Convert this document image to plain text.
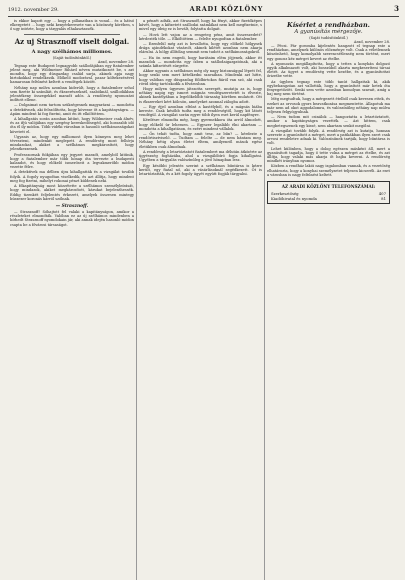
1912. november 29.	ARADI KÖZLÖNY	3

is ekkor kapott egy ... hogy a pillanatban is vonul... és a hátsó elkergetett ... hogy neki kenyérkeresete van a közönség körében, s ő ugy intézte, hogy a tárgyalás elhalasztassék.

Az uj Strasznoff viselt dolgai.
A nagy szélhámos milliomos.

(Saját tudósítónktól.)

Arad, november 28.

Tegnap este Budapest legnagyobb szállodájában egy fiatalember jelent meg, aki Wildmeiser Rihárd néven mutatkozott be, s azt mondta, hogy egy dúsgazdag család sarja, akinek apja nagy birtokokkal rendelkezik. Előkelő modorával, pazar költekezésével hamarosan feltűnést keltett a vendégek között.

Néhány nap múlva azonban kiderült, hogy a fiatalember sehol sem fizette ki számláit, és ékszerészeknél, szabóknál, szállodákban jelentékeny összegekkel maradt adós. A rendőrség nyomozást indított ellene.

— Dolgaimat nem tartom szükségesnek magyarázni — mondotta a detektívnek, aki felszólította, hogy kövesse őt a kapitányságra. — Apám mindent ki fog fizetni, amit én itt elköltöttem.

A kihallgatás során azonban kitűnt, hogy Wildmeiser csak álnév, és az ifjú valójában egy szegény kereskedősegéd, aki hosszabb idő óta él ily módon. Több vidéki városban is hasonló szélhámosságokat követett el.

Ugyanis az, hogy egy milliomost ilyen könnyen meg lehet téveszteni, mindenkit meglepett. A rendőrség most felhívja mindazokat, akiket a szélhámos megkárosított, hogy jelentkezzenek.

Professzornak fiókjában egy jegyzet maradt, amelyből kitűnik, hogy a fiatalember már több hónap óta tervezte a budapesti kalandot, és hogy előkelő ismerőseit a legvakmerőbb módon vezette félre.

A detektívek ma délben újra kihallgatták és a vizsgálat tovább folyik. A fogoly nyugodtan viselkedik, és azt állítja, hogy mindent meg fog fizetni, mihelyt rokonai pénzt küldenek neki.

A főkapitányság most közzétette a szélhámos személyleírását, hogy mindazok, akiket megkárosított, kárukat bejelenthessék. Eddig tizenkét feljelentés érkezett, amelyek összesen mintegy húszezer koronás kárról szólnak.

— Strasznoff.

— Strasznoff! Sóhajtott fel valaki a kapitányságon, amikor a részleteket elmondták. Valóban ez az új szélhámos mindenben a hírhedt Strasznoff nyomdokain jár, aki annak idején hasonló módon csapta be a fővárosi társaságot.

a pénzét adták, azt Strasznoff, hogy ha fényt, akkor fizetőképes kávét, hogy a kifizetett szállodai számlákat nem kell megfizetnie, s mivel egy ideig ez is bevált, folytatta dolgait.

— Hová lett vajon az a rengeteg pénz, amit összeszedett? kérdezték tőle. — Elköltöttem — felelte nyugodtan a fiatalember.

— Ezenfelül még azt is bevallotta, hogy egy előkelő hölgynek drága ajándékokat vásárolt, akinek kilétét azonban nem akarja elárulni. A hölgy állítólag semmit sem tudott a szélhámosságokról.

— Ha ön nem engedi, hogy barátaim elém jöjjenek, akkor itt maradok — mondotta egy ízben a szállodaigazgatónak, aki a számla kifizetését sürgette.

Akkor ugyanis a szélhámos még oly nagy biztonsággal lépett fel, hogy senki sem mert kételkedni szavaiban. Mindenki azt hitte, hogy valóban egy dúsgazdag földbirtokos fiáról van szó, aki csak rövid ideig tartózkodik a fővárosban.

Hogy milyen ügyesen játszotta szerepét, mutatja az is, hogy néhány napig egy ismert mágnás vendégszeretetét is élvezte, akinek kastélyában a legelőkelőbb társaság körében mulatott. Ott is ékszereket kért kölcsön, amelyeket azonnal zálogba adott.

— Egy éjjel azonban eltűnt a kastélyból, és a mágnás hiába kereste. Csak később tudta meg a rendőrségtől, hogy kit látott vendégül. A vizsgálat során egyre több ilyen eset kerül napfényre.

Kérdésre elmondta még, hogy gyermekkora óta arról álmodott, hogy előkelő úr lehessen. — Egyszer legalább élni akartam — mondotta a kihallgatáson, és ezért mindent vállalok.

— Ön tehát tudta, hogy amit tesz, az bűn? — kérdezte a rendőrtisztviselő. — Tudtam — felelte — de nem bántam meg. Néhány hétig olyan életet éltem, amilyenről mások egész életükben csak álmodnak.

A rendőrség a letartóztatott fiatalembert ma délután átkísérte az ügyészség fogházába, ahol a vizsgálóbíró fogja kihallgatni. Ügyében a tárgyalás valószínűleg a jövő hónapban lesz.

Egy későbbi jelentés szerint a szélhámos bűntársa is kézre került, egy fiatal nő, aki a vásárlásoknál segédkezett. Őt is letartóztatták, és a két fogoly ügyét együtt fogják tárgyalni.

Kísérlet a rendházban.
A gyanúsítás mérgezője.

(Saját tudósítónktól.)

Arad, november 28.

— Pécsi. Pár goromba kijelentés hangzott el tegnap este a rendházban, amelynek különös előzménye volt. Csak a véletlennek köszönhető, hogy komolyabb szerencsétlenség nem történt, mert egy gonosz kéz mérget kevert az ételbe.

A nyomozás megállapította, hogy a tettes a konyhán dolgozó egyik alkalmazott volt, aki bosszúból akarta megkeseríteni társai életét. Az ügyet a rendőrség vette kezébe, és a gyanúsítottat őrizetbe vette.

Az ügyben tegnap este több tanút hallgattak ki, akik egybehangzóan azt vallották, hogy a gyanúsított már hetek óta fenyegetőzött. Senki sem vette azonban komolyan szavait, amíg a baj meg nem történt.

Még megtudtuk, hogy a mérgezett ételből csak kevesen ettek, és ezeket az orvosok gyors beavatkozása megmentette. Állapotuk ma már nem ad okot aggodalomra, és valószínűleg néhány nap múlva teljesen felgyógyulnak.

— Nem tudom mit csinálok — hangoztatta a letartóztatott, amikor a kapitányságra vezették. — Azt hittem, csak megbetegszenek egy kissé, nem akartam senkit megölni.

A vizsgálat tovább folyik. A rendőrség azt is kutatja, honnan szerezte a gyanúsított a mérget, mert a patikákban ilyen szert csak orvosi rendeletre adnak ki. Valószínűnek tartják, hogy bűntársa is volt.

Lehet különben, hogy a dolog egészen másként áll, mert a gyanúsított tagadja, hogy ő tette volna a mérget az ételbe, és azt állítja, hogy valaki más akarja őt bajba keverni. A rendőrség mindkét irányban nyomoz.

Közben a rendház lakói nagy izgalomban vannak, és a vezetőség elhatározta, hogy a konyhai személyzetet teljesen kicseréli. Az eset a városban is nagy feltűnést keltett.

AZ ARADI KÖZLÖNY TELEFONSZÁMAI:
Szerkesztőség	407
Kiadóhivatal és nyomda	81
